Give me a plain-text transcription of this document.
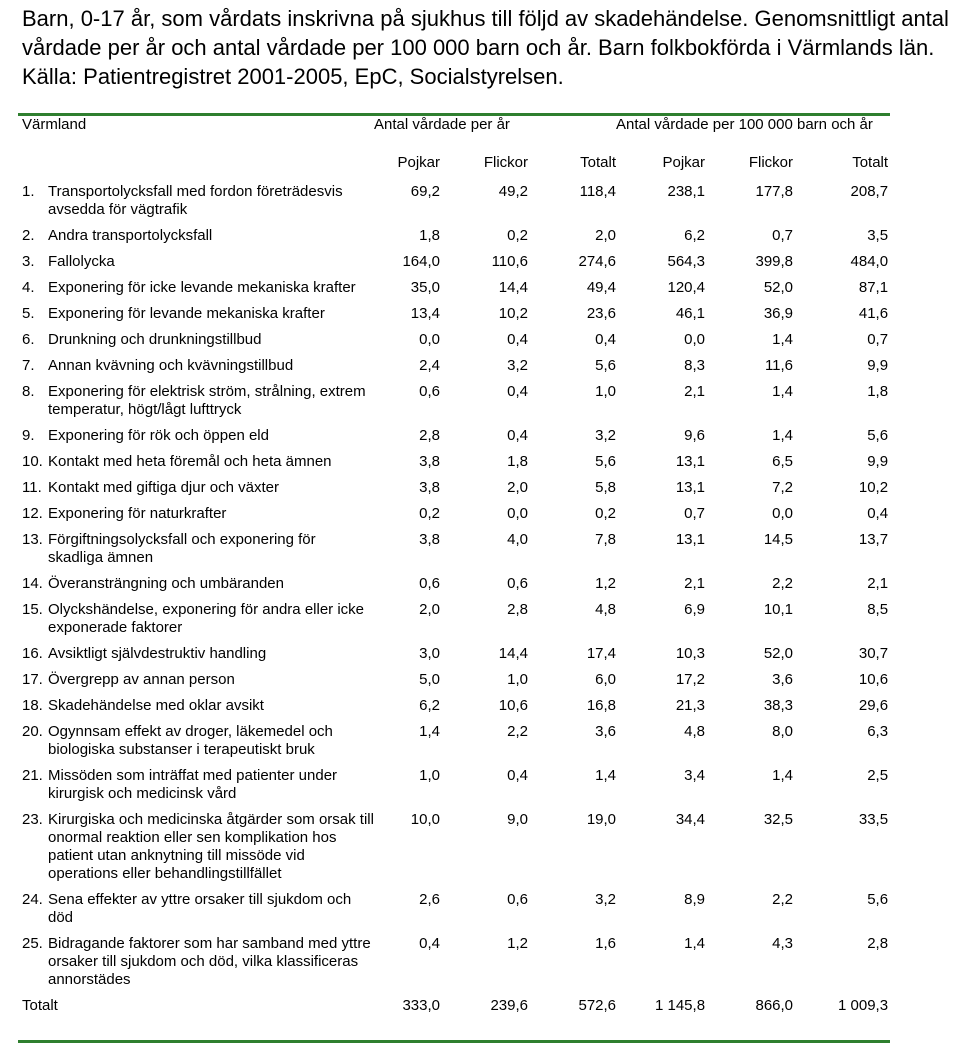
Barn, 0-17 år, som vårdats inskrivna på sjukhus till följd av skadehändelse. Genomsnittligt antal vårdade per år och antal vårdade per 100 000 barn och år. Barn folkbokförda i Värmlands län. Källa: Patientregistret 2001-2005, EpC, Socialstyrelsen.
Värmland	Antal vårdade per år			Antal vårdade per 100 000 barn och år		
	Pojkar	Flickor	Totalt	Pojkar	Flickor	Totalt

1. Transportolycksfall med fordon företrädesvis avsedda för vägtrafik	69,2	49,2	118,4	238,1	177,8	208,7

2. Andra transportolycksfall	1,8	0,2	2,0	6,2	0,7	3,5

3. Fallolycka	164,0	110,6	274,6	564,3	399,8	484,0

4. Exponering för icke levande mekaniska krafter	35,0	14,4	49,4	120,4	52,0	87,1

5. Exponering för levande mekaniska krafter	13,4	10,2	23,6	46,1	36,9	41,6

6. Drunkning och drunkningstillbud	0,0	0,4	0,4	0,0	1,4	0,7

7. Annan kvävning och kvävningstillbud	2,4	3,2	5,6	8,3	11,6	9,9

8. Exponering för elektrisk ström, strålning, extrem temperatur, högt/lågt lufttryck	0,6	0,4	1,0	2,1	1,4	1,8

9. Exponering för rök och öppen eld	2,8	0,4	3,2	9,6	1,4	5,6

10. Kontakt med heta föremål och heta ämnen	3,8	1,8	5,6	13,1	6,5	9,9

11. Kontakt med giftiga djur och växter	3,8	2,0	5,8	13,1	7,2	10,2

12. Exponering för naturkrafter	0,2	0,0	0,2	0,7	0,0	0,4

13. Förgiftningsolycksfall och exponering för skadliga ämnen	3,8	4,0	7,8	13,1	14,5	13,7

14. Överansträngning och umbäranden	0,6	0,6	1,2	2,1	2,2	2,1

15. Olyckshändelse, exponering för andra eller icke exponerade faktorer	2,0	2,8	4,8	6,9	10,1	8,5

16. Avsiktligt självdestruktiv handling	3,0	14,4	17,4	10,3	52,0	30,7

17. Övergrepp av annan person	5,0	1,0	6,0	17,2	3,6	10,6

18. Skadehändelse med oklar avsikt	6,2	10,6	16,8	21,3	38,3	29,6

20. Ogynnsam effekt av droger, läkemedel och biologiska substanser i terapeutiskt bruk	1,4	2,2	3,6	4,8	8,0	6,3

21. Missöden som inträffat med patienter under kirurgisk och medicinsk vård	1,0	0,4	1,4	3,4	1,4	2,5

23. Kirurgiska och medicinska åtgärder som orsak till onormal reaktion eller sen komplikation hos patient utan anknytning till missöde vid operations eller behandlingstillfället	10,0	9,0	19,0	34,4	32,5	33,5

24. Sena effekter av yttre orsaker till sjukdom och död	2,6	0,6	3,2	8,9	2,2	5,6

25. Bidragande faktorer som har samband med yttre orsaker till sjukdom och död, vilka klassificeras annorstädes	0,4	1,2	1,6	1,4	4,3	2,8
Totalt	333,0	239,6	572,6	1 145,8	866,0	1 009,3
